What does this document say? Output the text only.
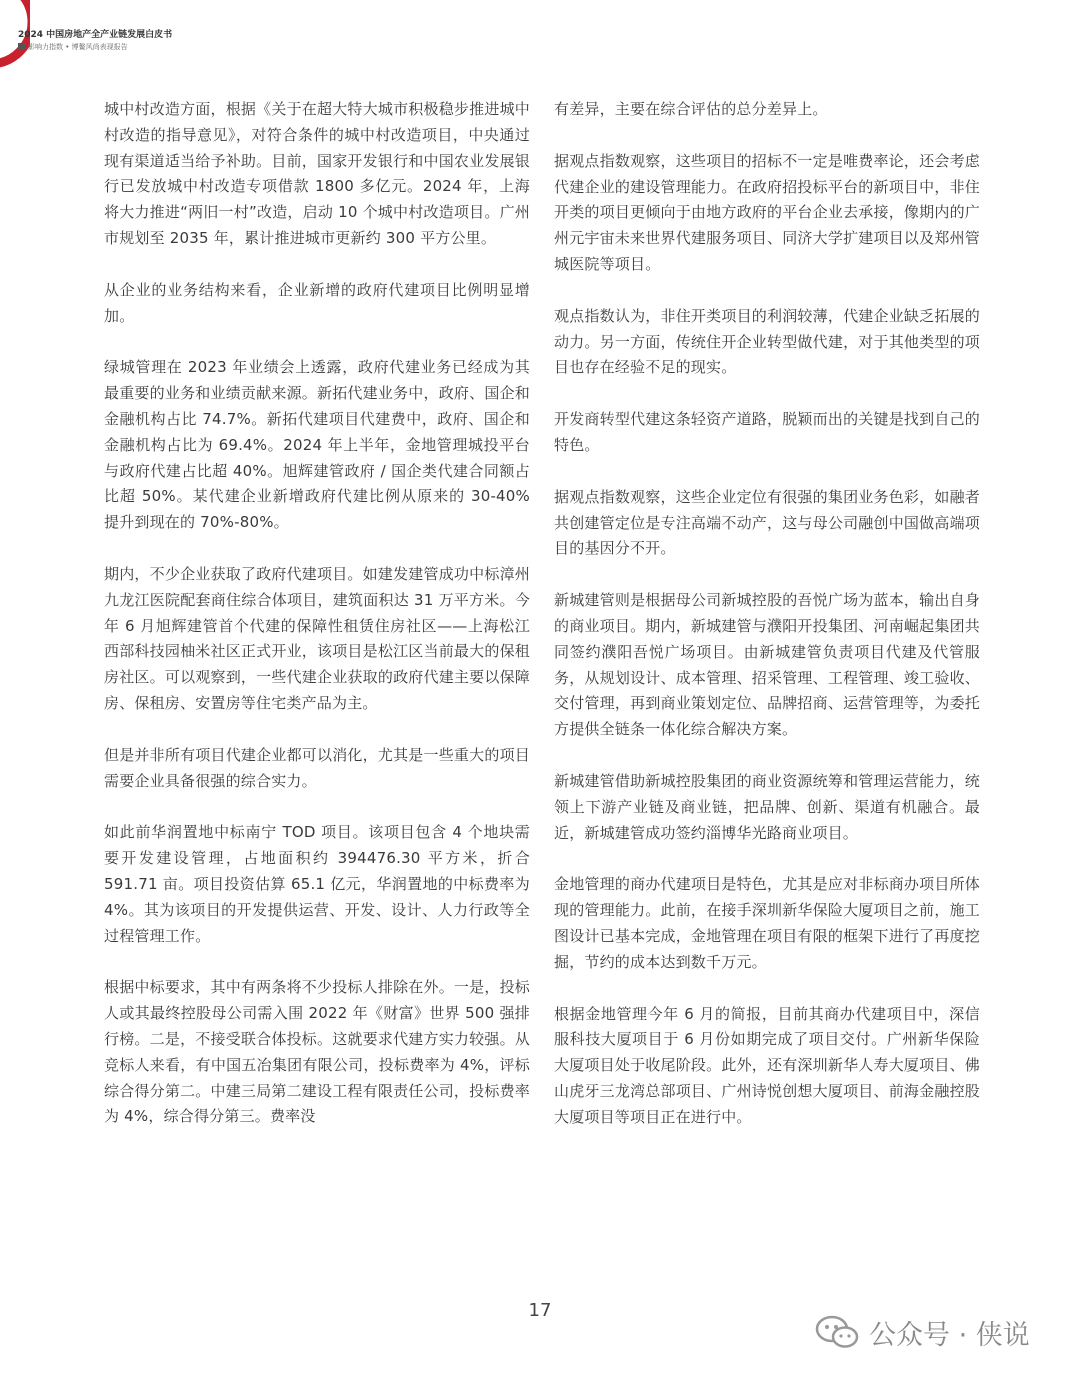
2024 中国房地产全产业链发展白皮书
影响力指数 • 博鳌风尚表现报告

城中村改造方面，根据《关于在超大特大城市积极稳步推进城中村改造的指导意见》，对符合条件的城中村改造项目，中央通过现有渠道适当给予补助。目前，国家开发银行和中国农业发展银行已发放城中村改造专项借款 1800 多亿元。2024 年，上海将大力推进“两旧一村”改造，启动 10 个城中村改造项目。广州市规划至 2035 年，累计推进城市更新约 300 平方公里。

从企业的业务结构来看，企业新增的政府代建项目比例明显增加。

绿城管理在 2023 年业绩会上透露，政府代建业务已经成为其最重要的业务和业绩贡献来源。新拓代建业务中，政府、国企和金融机构占比 74.7%。新拓代建项目代建费中，政府、国企和金融机构占比为 69.4%。2024 年上半年，金地管理城投平台与政府代建占比超 40%。旭辉建管政府 / 国企类代建合同额占比超 50%。某代建企业新增政府代建比例从原来的 30-40% 提升到现在的 70%-80%。

期内，不少企业获取了政府代建项目。如建发建管成功中标漳州九龙江医院配套商住综合体项目，建筑面积达 31 万平方米。今年 6 月旭辉建管首个代建的保障性租赁住房社区——上海松江西部科技园柚米社区正式开业，该项目是松江区当前最大的保租房社区。可以观察到，一些代建企业获取的政府代建主要以保障房、保租房、安置房等住宅类产品为主。

但是并非所有项目代建企业都可以消化，尤其是一些重大的项目需要企业具备很强的综合实力。

如此前华润置地中标南宁 TOD 项目。该项目包含 4 个地块需要开发建设管理，占地面积约 394476.30 平方米，折合 591.71 亩。项目投资估算 65.1 亿元，华润置地的中标费率为 4%。其为该项目的开发提供运营、开发、设计、人力行政等全过程管理工作。

根据中标要求，其中有两条将不少投标人排除在外。一是，投标人或其最终控股母公司需入围 2022 年《财富》世界 500 强排行榜。二是，不接受联合体投标。这就要求代建方实力较强。从竞标人来看，有中国五冶集团有限公司，投标费率为 4%，评标综合得分第二。中建三局第二建设工程有限责任公司，投标费率为 4%，综合得分第三。费率没

有差异，主要在综合评估的总分差异上。

据观点指数观察，这些项目的招标不一定是唯费率论，还会考虑代建企业的建设管理能力。在政府招投标平台的新项目中，非住开类的项目更倾向于由地方政府的平台企业去承接，像期内的广州元宇宙未来世界代建服务项目、同济大学扩建项目以及郑州管城医院等项目。

观点指数认为，非住开类项目的利润较薄，代建企业缺乏拓展的动力。另一方面，传统住开企业转型做代建，对于其他类型的项目也存在经验不足的现实。

开发商转型代建这条轻资产道路，脱颖而出的关键是找到自己的特色。

据观点指数观察，这些企业定位有很强的集团业务色彩，如融者共创建管定位是专注高端不动产，这与母公司融创中国做高端项目的基因分不开。

新城建管则是根据母公司新城控股的吾悦广场为蓝本，输出自身的商业项目。期内，新城建管与濮阳开投集团、河南崛起集团共同签约濮阳吾悦广场项目。由新城建管负责项目代建及代管服务，从规划设计、成本管理、招采管理、工程管理、竣工验收、交付管理，再到商业策划定位、品牌招商、运营管理等，为委托方提供全链条一体化综合解决方案。

新城建管借助新城控股集团的商业资源统筹和管理运营能力，统领上下游产业链及商业链，把品牌、创新、渠道有机融合。最近，新城建管成功签约淄博华光路商业项目。

金地管理的商办代建项目是特色，尤其是应对非标商办项目所体现的管理能力。此前，在接手深圳新华保险大厦项目之前，施工图设计已基本完成，金地管理在项目有限的框架下进行了再度挖掘，节约的成本达到数千万元。

根据金地管理今年 6 月的简报，目前其商办代建项目中，深信服科技大厦项目于 6 月份如期完成了项目交付。广州新华保险大厦项目处于收尾阶段。此外，还有深圳新华人寿大厦项目、佛山虎牙三龙湾总部项目、广州诗悦创想大厦项目、前海金融控股大厦项目等项目正在进行中。

17
公众号 · 侠说
